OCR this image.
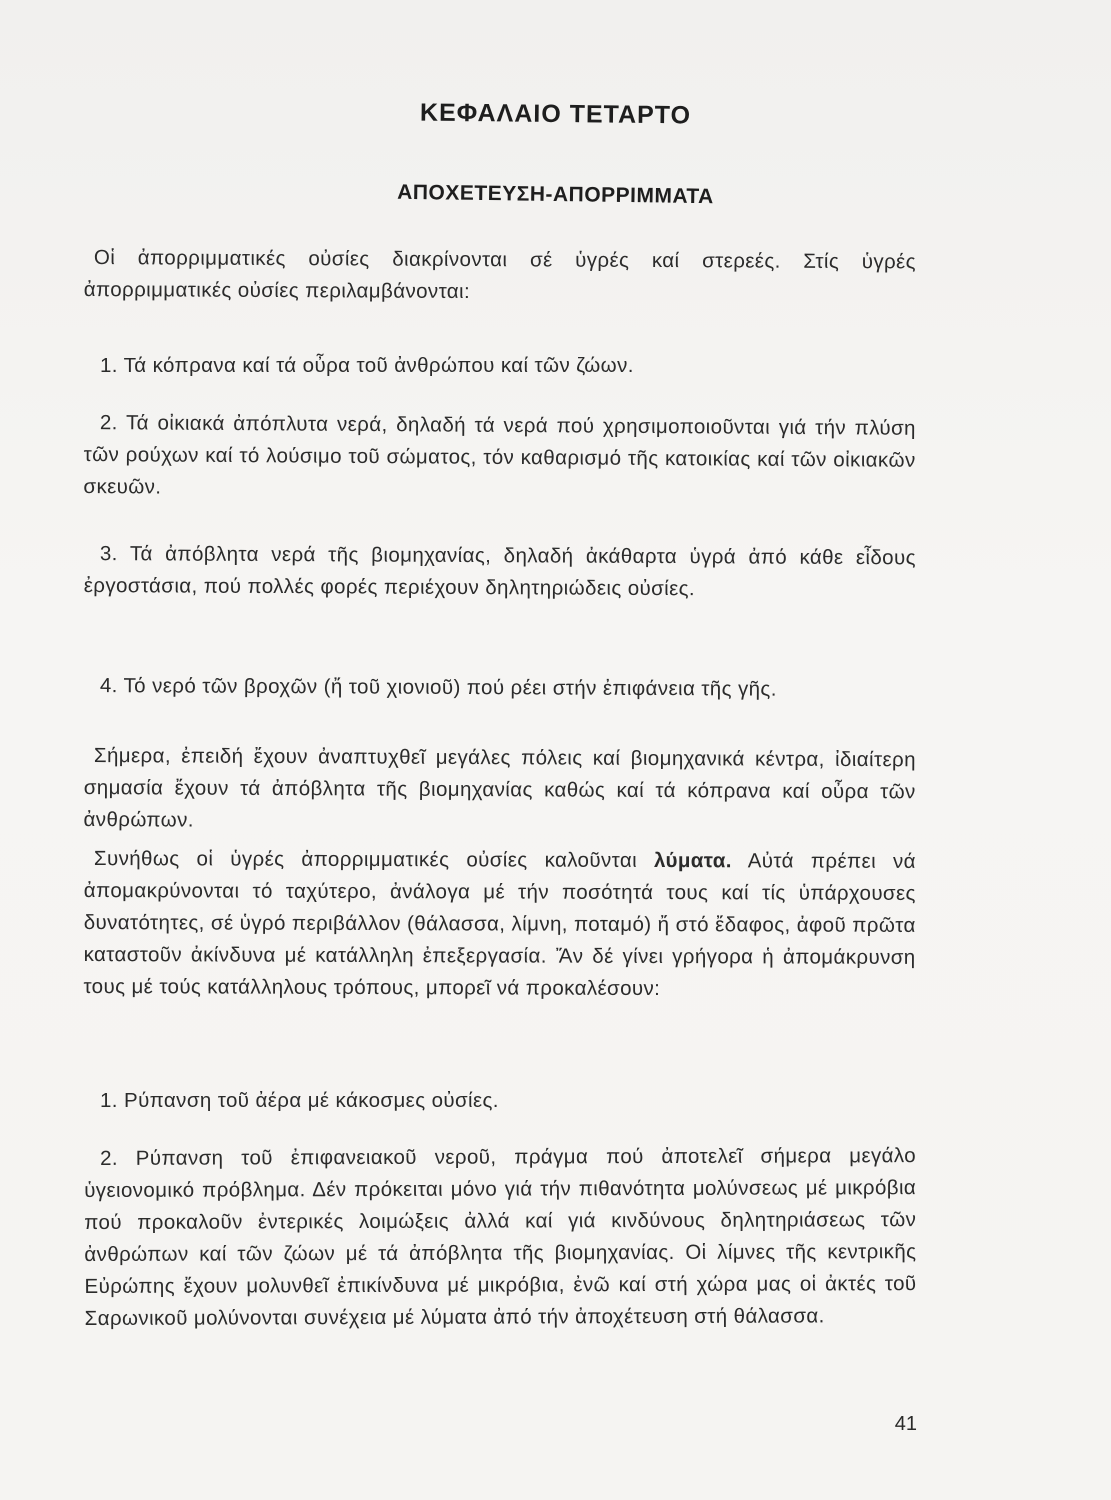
ΚΕΦΑΛΑΙΟ ΤΕΤΑΡΤΟ
ΑΠΟΧΕΤΕΥΣΗ-ΑΠΟΡΡΙΜΜΑΤΑ
Οἱ ἀπορριμματικές οὐσίες διακρίνονται σέ ὑγρές καί στερεές. Στίς ὑγρές ἀπορριμματικές οὐσίες περιλαμβάνονται:
1. Τά κόπρανα καί τά οὖρα τοῦ ἀνθρώπου καί τῶν ζώων.
2. Τά οἰκιακά ἀπόπλυτα νερά, δηλαδή τά νερά πού χρησιμοποιοῦνται γιά τήν πλύση τῶν ρούχων καί τό λούσιμο τοῦ σώματος, τόν καθαρισμό τῆς κατοικίας καί τῶν οἰκιακῶν σκευῶν.
3. Τά ἀπόβλητα νερά τῆς βιομηχανίας, δηλαδή ἀκάθαρτα ὑγρά ἀπό κάθε εἶδους ἐργοστάσια, πού πολλές φορές περιέχουν δηλητηριώδεις οὐσίες.
4. Τό νερό τῶν βροχῶν (ἤ τοῦ χιονιοῦ) πού ρέει στήν ἐπιφάνεια τῆς γῆς.
Σήμερα, ἐπειδή ἔχουν ἀναπτυχθεῖ μεγάλες πόλεις καί βιομηχανικά κέντρα, ἰδιαίτερη σημασία ἔχουν τά ἀπόβλητα τῆς βιομηχανίας καθώς καί τά κόπρανα καί οὖρα τῶν ἀνθρώπων.
Συνήθως οἱ ὑγρές ἀπορριμματικές οὐσίες καλοῦνται λύματα. Αὐτά πρέπει νά ἀπομακρύνονται τό ταχύτερο, ἀνάλογα μέ τήν ποσότητά τους καί τίς ὑπάρχουσες δυνατότητες, σέ ὑγρό περιβάλλον (θάλασσα, λίμνη, ποταμό) ἤ στό ἔδαφος, ἀφοῦ πρῶτα καταστοῦν ἀκίνδυνα μέ κατάλληλη ἐπεξεργασία. Ἄν δέ γίνει γρήγορα ἡ ἀπομάκρυνση τους μέ τούς κατάλληλους τρόπους, μπορεῖ νά προκαλέσουν:
1. Ρύπανση τοῦ ἀέρα μέ κάκοσμες οὐσίες.
2. Ρύπανση τοῦ ἐπιφανειακοῦ νεροῦ, πράγμα πού ἀποτελεῖ σήμερα μεγάλο ὑγειονομικό πρόβλημα. Δέν πρόκειται μόνο γιά τήν πιθανότητα μολύνσεως μέ μικρόβια πού προκαλοῦν ἐντερικές λοιμώξεις ἀλλά καί γιά κινδύνους δηλητηριάσεως τῶν ἀνθρώπων καί τῶν ζώων μέ τά ἀπόβλητα τῆς βιομηχανίας. Οἱ λίμνες τῆς κεντρικῆς Εὐρώπης ἔχουν μολυνθεῖ ἐπικίνδυνα μέ μικρόβια, ἐνῶ καί στή χώρα μας οἱ ἀκτές τοῦ Σαρωνικοῦ μολύνονται συνέχεια μέ λύματα ἀπό τήν ἀποχέτευση στή θάλασσα.
41
